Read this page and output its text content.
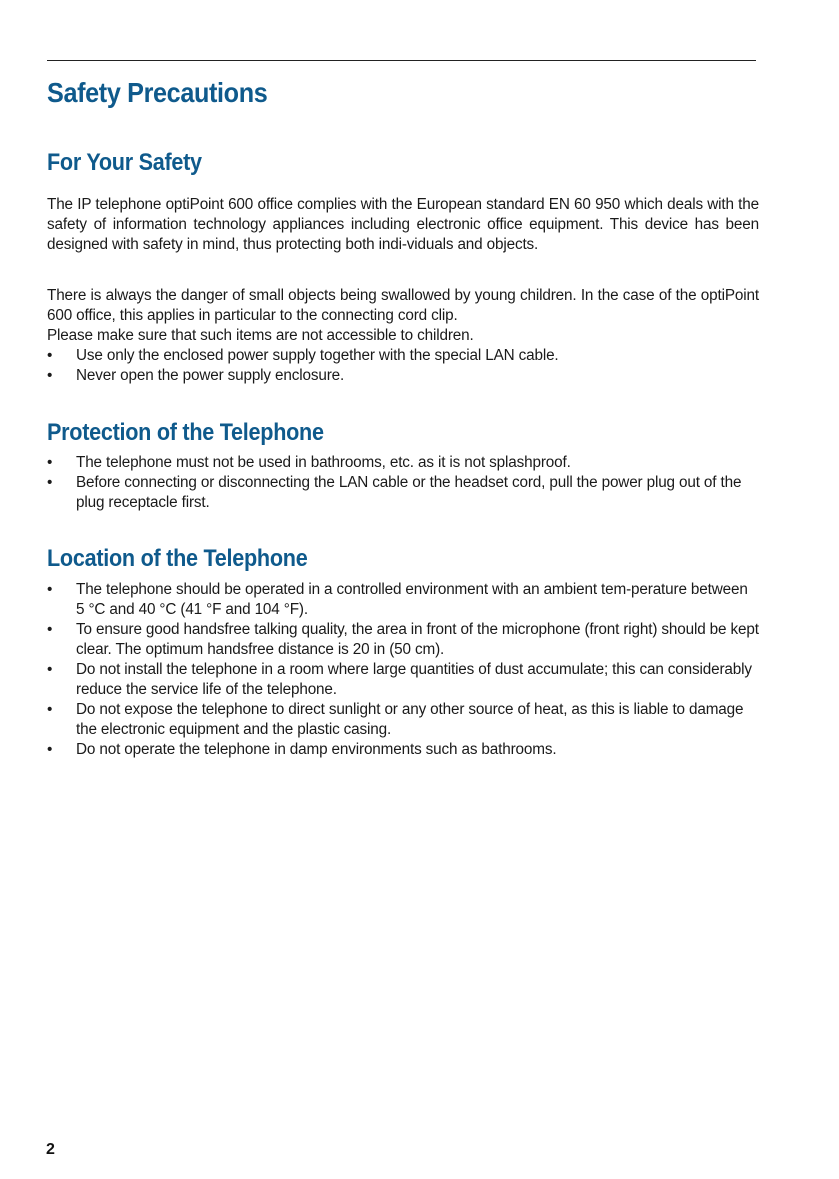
Safety Precautions
For Your Safety

The IP telephone optiPoint 600 office complies with the European standard EN 60 950 which deals with the safety of information technology appliances including electronic office equipment. This device has been designed with safety in mind, thus protecting both indi-viduals and objects.

There is always the danger of small objects being swallowed by young children. In the case of the optiPoint 600 office, this applies in particular to the connecting cord clip.

Please make sure that such items are not accessible to children.

•	Use only the enclosed power supply together with the special LAN cable.
•	Never open the power supply enclosure.
Protection of the Telephone
•	The telephone must not be used in bathrooms, etc. as it is not splashproof.
•	Before connecting or disconnecting the LAN cable or the headset cord, pull the power plug out of the plug receptacle first.
Location of the Telephone
•	The telephone should be operated in a controlled environment with an ambient tem-perature between 5 °C and 40 °C (41 °F and 104 °F).
•	To ensure good handsfree talking quality, the area in front of the microphone (front right) should be kept clear. The optimum handsfree distance is 20 in (50 cm).
•	Do not install the telephone in a room where large quantities of dust accumulate; this can considerably reduce the service life of the telephone.
•	Do not expose the telephone to direct sunlight or any other source of heat, as this is liable to damage the electronic equipment and the plastic casing.
•	Do not operate the telephone in damp environments such as bathrooms.
2
